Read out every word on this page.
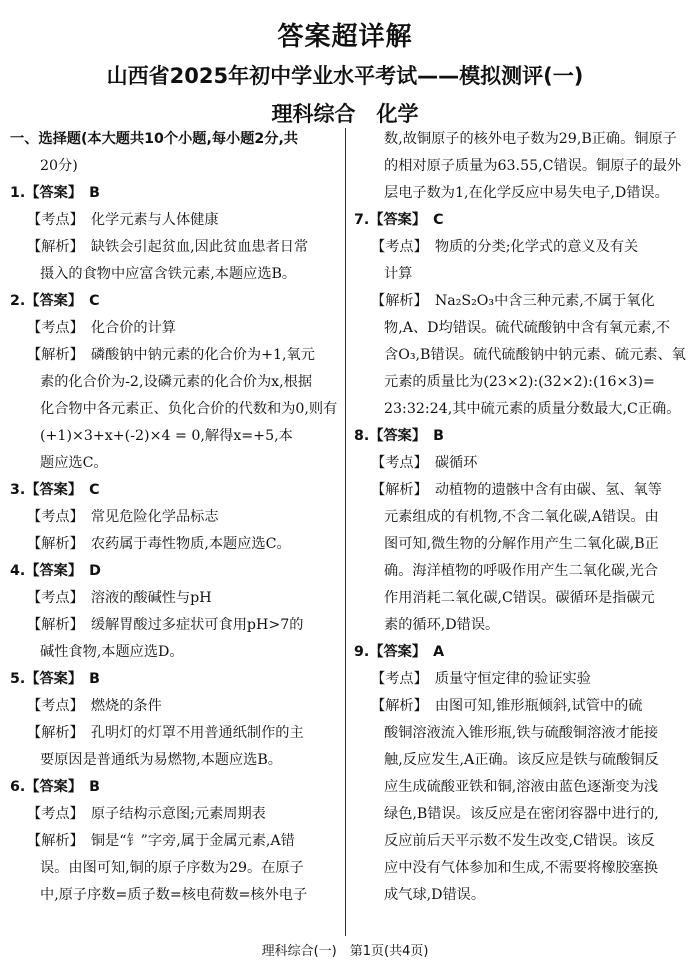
答案超详解
山西省2025年初中学业水平考试——模拟测评(一)
理科综合　化学
一、选择题(本大题共10个小题,每小题2分,共
20分)
1.【答案】　B
【考点】　化学元素与人体健康
【解析】　缺铁会引起贫血,因此贫血患者日常
摄入的食物中应富含铁元素,本题应选B。
2.【答案】　C
【考点】　化合价的计算
【解析】　磷酸钠中钠元素的化合价为+1,氧元
素的化合价为-2,设磷元素的化合价为x,根据
化合物中各元素正、负化合价的代数和为0,则有
(+1)×3+x+(-2)×4 = 0,解得x=+5,本
题应选C。
3.【答案】　C
【考点】　常见危险化学品标志
【解析】　农药属于毒性物质,本题应选C。
4.【答案】　D
【考点】　溶液的酸碱性与pH
【解析】　缓解胃酸过多症状可食用pH>7的
碱性食物,本题应选D。
5.【答案】　B
【考点】　燃烧的条件
【解析】　孔明灯的灯罩不用普通纸制作的主
要原因是普通纸为易燃物,本题应选B。
6.【答案】　B
【考点】　原子结构示意图;元素周期表
【解析】　铜是“钅”字旁,属于金属元素,A错
误。由图可知,铜的原子序数为29。在原子
中,原子序数=质子数=核电荷数=核外电子
数,故铜原子的核外电子数为29,B正确。铜原子
的相对原子质量为63.55,C错误。铜原子的最外
层电子数为1,在化学反应中易失电子,D错误。
7.【答案】　C
【考点】　物质的分类;化学式的意义及有关
计算
【解析】　Na₂S₂O₃中含三种元素,不属于氧化
物,A、D均错误。硫代硫酸钠中含有氧元素,不
含O₃,B错误。硫代硫酸钠中钠元素、硫元素、氧
元素的质量比为(23×2):(32×2):(16×3)=
23:32:24,其中硫元素的质量分数最大,C正确。
8.【答案】　B
【考点】　碳循环
【解析】　动植物的遗骸中含有由碳、氢、氧等
元素组成的有机物,不含二氧化碳,A错误。由
图可知,微生物的分解作用产生二氧化碳,B正
确。海洋植物的呼吸作用产生二氧化碳,光合
作用消耗二氧化碳,C错误。碳循环是指碳元
素的循环,D错误。
9.【答案】　A
【考点】　质量守恒定律的验证实验
【解析】　由图可知,锥形瓶倾斜,试管中的硫
酸铜溶液流入锥形瓶,铁与硫酸铜溶液才能接
触,反应发生,A正确。该反应是铁与硫酸铜反
应生成硫酸亚铁和铜,溶液由蓝色逐渐变为浅
绿色,B错误。该反应是在密闭容器中进行的,
反应前后天平示数不发生改变,C错误。该反
应中没有气体参加和生成,不需要将橡胶塞换
成气球,D错误。
理科综合(一)　第1页(共4页)
